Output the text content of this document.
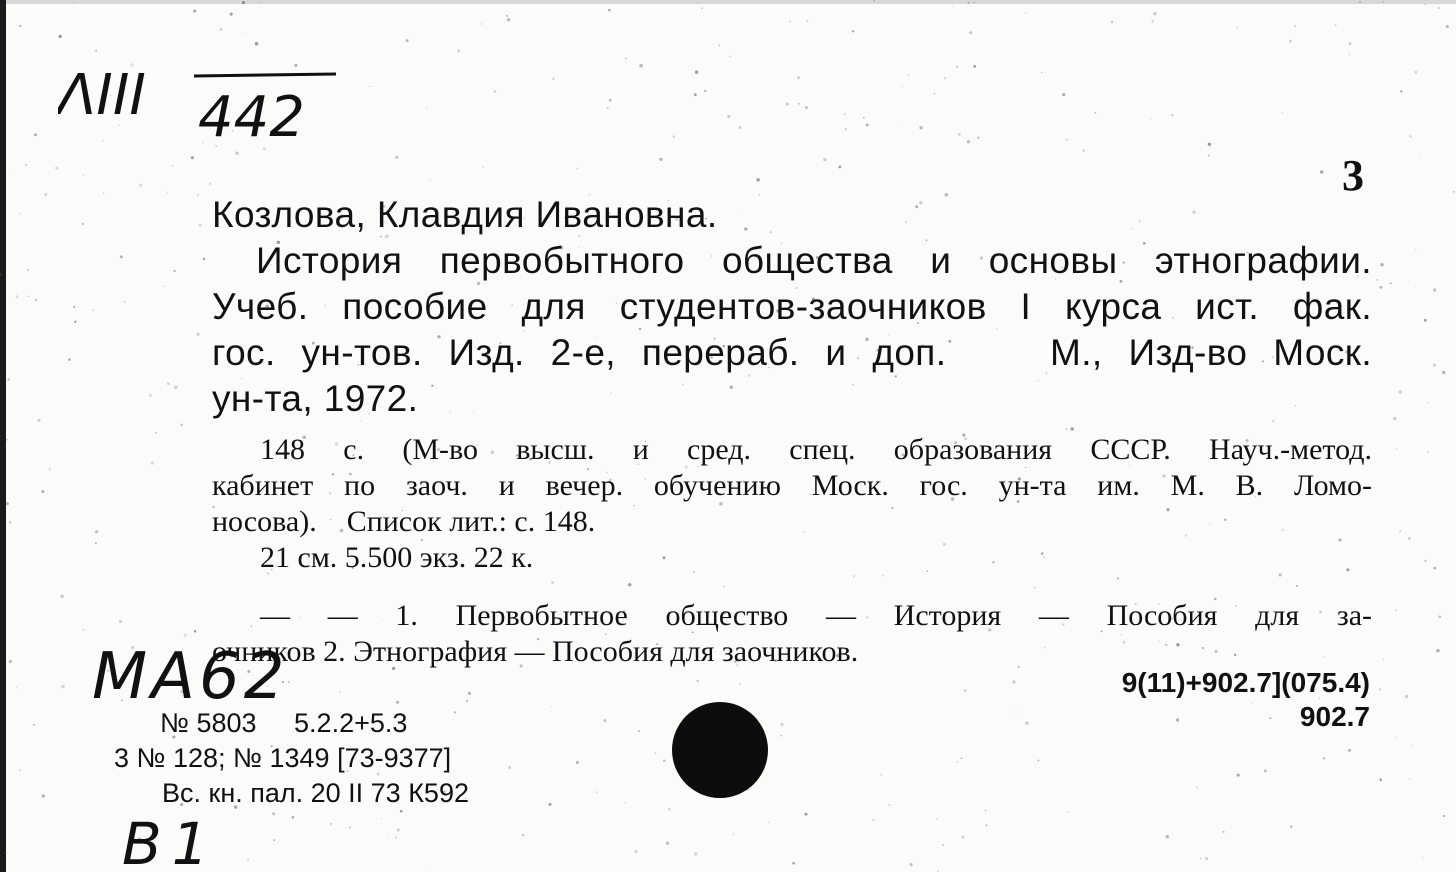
ΛIII 442

3

Козлова, Клавдия Ивановна.
История первобытного общества и основы этнографии.
Учеб. пособие для студентов-заочников I курса ист. фак.
гос. ун-тов. Изд. 2-е, перераб. и доп.    М., Изд-во Моск.
ун-та, 1972.
148 с. (М-во высш. и сред. спец. образования СССР. Науч.-метод.
кабинет по заоч. и вечер. обучению Моск. гос. ун-та им. М. В. Ломо-
носова).    Список лит.: с. 148.
21 см. 5.500 экз. 22 к.
— — 1. Первобытное общество — История — Пособия для за-
очников 2. Этнография — Пособия для заочников.
MA62	9(11)+902.7](075.4)
902.7
№ 5803     5.2.2+5.3
3 № 128; № 1349 [73-9377]
Вс. кн. пал. 20 II 73 К592
B1
